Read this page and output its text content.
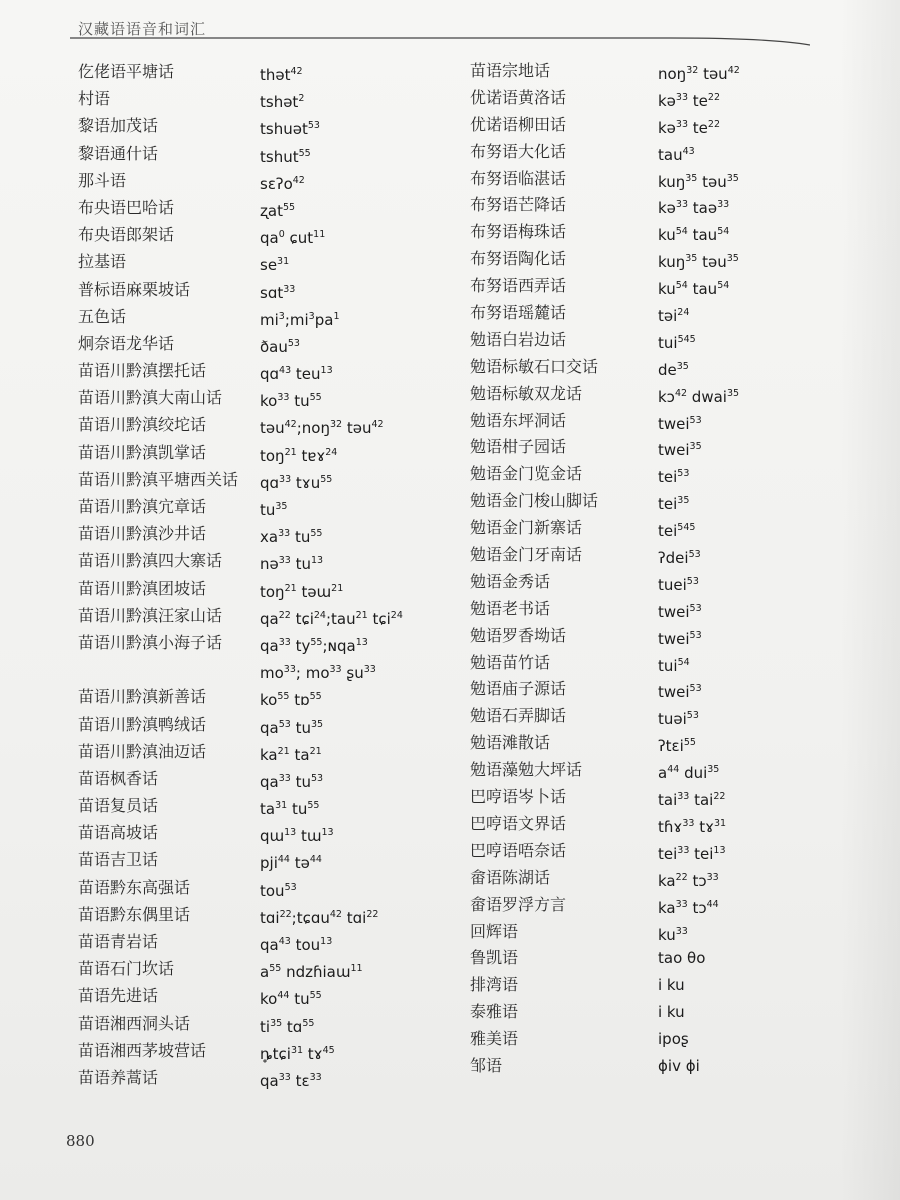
汉藏语语音和词汇
仡佬语平塘话	thət$^{42}$
村语	tshət$^2$
黎语加茂话	tshuət$^{53}$
黎语通什话	tshut$^{55}$
那斗语	sɛʔo$^{42}$
布央语巴哈话	ʐat$^{55}$
布央语郎架话	$qa^0$ ɕut$^{11}$
拉基语	$se^{31}$
普标语麻栗坡话	sɑt$^{33}$
五色话	$mi^3;mi^3pa^1$
炯奈语龙华话	ðau$^{53}$
苗语川黔滇摆托话	qɑ$^{43}$ teu$^{13}$
苗语川黔滇大南山话	$ko^{33}$ $tu^{55}$
苗语川黔滇绞坨话	təu$^{42}$;noŋ$^{32}$ təu$^{42}$
苗语川黔滇凯掌话	toŋ$^{21}$ tɐɤ$^{24}$
苗语川黔滇平塘西关话	qɑ$^{33}$ tɤu$^{55}$
苗语川黔滇宂章话	$tu^{35}$
苗语川黔滇沙井话	$xa^{33}$ $tu^{55}$
苗语川黔滇四大寨话	nə$^{33}$ $tu^{13}$
苗语川黔滇团坡话	toŋ$^{21}$ təɯ$^{21}$
苗语川黔滇汪家山话	$qa^{22}$ tɕi$^{24}$;tau$^{21}$ tɕi$^{24}$
苗语川黔滇小海子话	$qa^{33}$ $ty^{55};ɴqa^{13}$
$mo^{33}$; $mo^{33}$ ʂu$^{33}$
苗语川黔滇新善话	$ko^{55}$ tɒ$^{55}$
苗语川黔滇鸭绒话	$qa^{53}$ $tu^{35}$
苗语川黔滇油迈话	$ka^{21}$ $ta^{21}$
苗语枫香话	$qa^{33}$ $tu^{53}$
苗语复员话	$ta^{31}$ $tu^{55}$
苗语高坡话	qɯ$^{13}$ tɯ$^{13}$
苗语吉卫话	pji$^{44}$ tə$^{44}$
苗语黔东高强话	tou$^{53}$
苗语黔东偶里话	tɑi$^{22}$;tɕɑu$^{42}$ tɑi$^{22}$
苗语青岩话	$qa^{43}$ tou$^{13}$
苗语石门坎话	$a^{55}$ ndzɦiaɯ$^{11}$
苗语先进话	$ko^{44}$ $tu^{55}$
苗语湘西洞头话	$ti^{35}$ tɑ$^{55}$
苗语湘西茅坡营话	ȵ̥tɕi$^{31}$ tɤ$^{45}$
苗语养蒿话	$qa^{33}$ tɛ$^{33}$
苗语宗地话	noŋ$^{32}$ təu$^{42}$
优诺语黄洛话	kə$^{33}$ $te^{22}$
优诺语柳田话	kə$^{33}$ $te^{22}$
布努语大化话	tau$^{43}$
布努语临湛话	kuŋ$^{35}$ təu$^{35}$
布努语芒降话	kə$^{33}$ taə$^{33}$
布努语梅珠话	$ku^{54}$ tau$^{54}$
布努语陶化话	kuŋ$^{35}$ təu$^{35}$
布努语西弄话	$ku^{54}$ tau$^{54}$
布努语瑶麓话	təi$^{24}$
勉语白岩边话	tui$^{545}$
勉语标敏石口交话	$de^{35}$
勉语标敏双龙话	kɔ$^{42}$ dwai$^{35}$
勉语东坪洞话	twei$^{53}$
勉语柑子园话	twei$^{35}$
勉语金门览金话	tei$^{53}$
勉语金门梭山脚话	tei$^{35}$
勉语金门新寨话	tei$^{545}$
勉语金门牙南话	ʔdei$^{53}$
勉语金秀话	tuei$^{53}$
勉语老书话	twei$^{53}$
勉语罗香坳话	twei$^{53}$
勉语苗竹话	tui$^{54}$
勉语庙子源话	twei$^{53}$
勉语石弄脚话	tuəi$^{53}$
勉语滩散话	ʔtɛi$^{55}$
勉语藻勉大坪话	$a^{44}$ dui$^{35}$
巴哼语岑卜话	tai$^{33}$ tai$^{22}$
巴哼语文界话	tɦɤ$^{33}$ tɤ$^{31}$
巴哼语唔奈话	tei$^{33}$ tei$^{13}$
畲语陈湖话	$ka^{22}$ tɔ$^{33}$
畲语罗浮方言	$ka^{33}$ tɔ$^{44}$
回辉语	$ku^{33}$
鲁凯语	tao θo
排湾语	i ku
泰雅语	i ku
雅美语	ipoʂ
邹语	ɸiv ɸi
880
